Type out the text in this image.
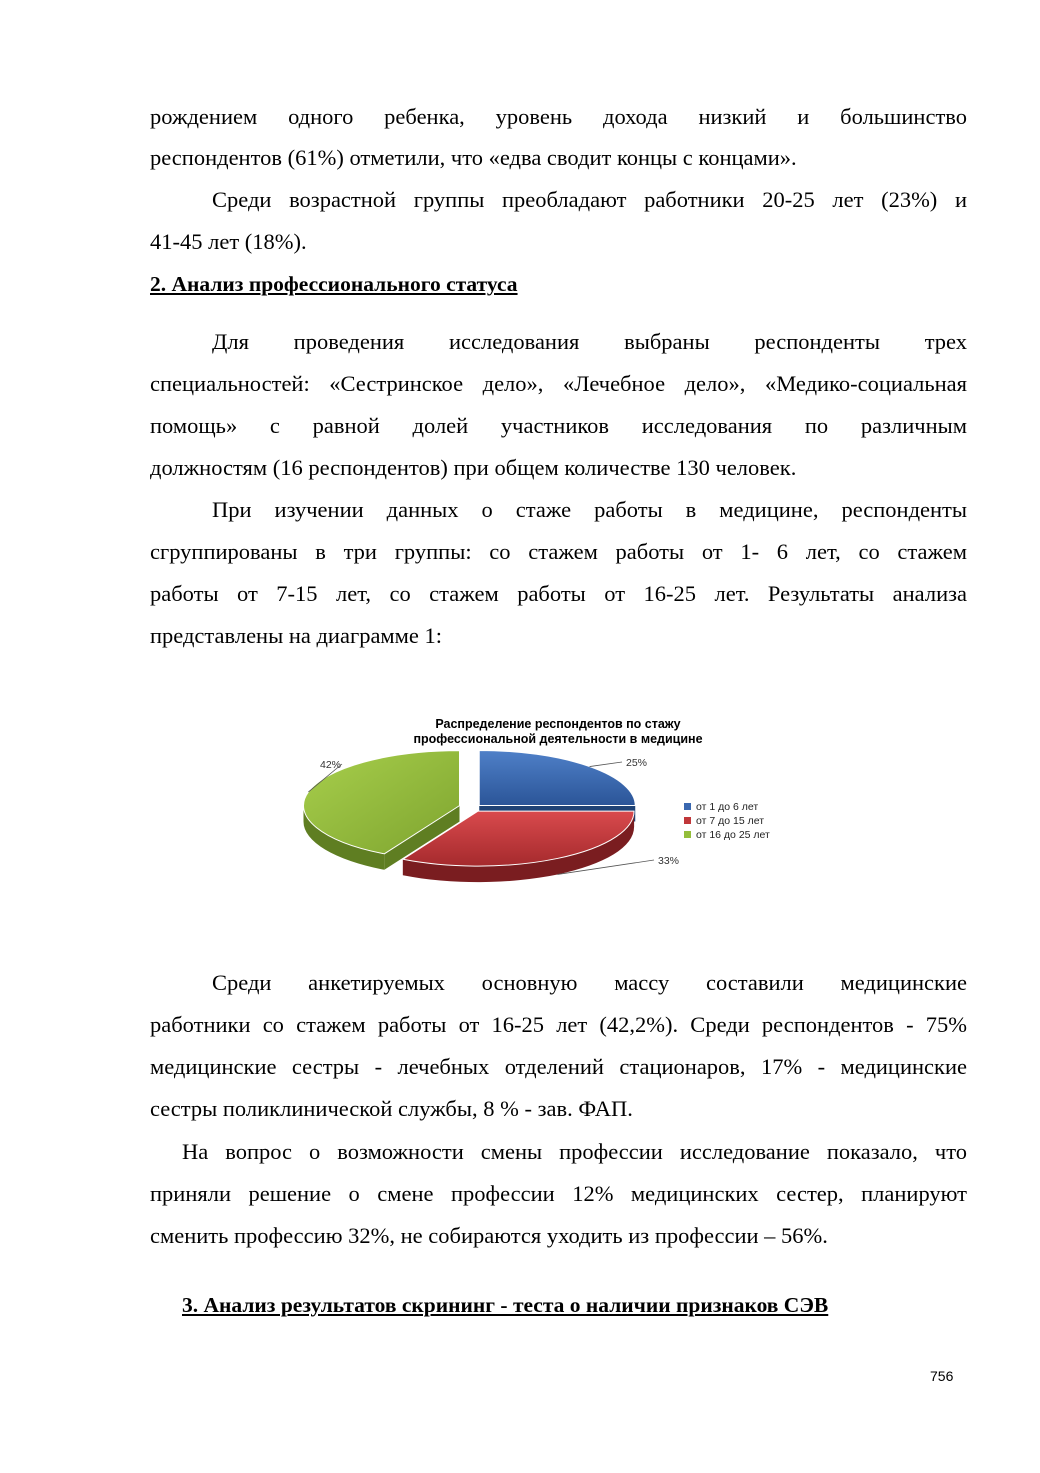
рождением одного ребенка, уровень дохода низкий и большинство
респондентов (61%) отметили, что «едва сводит концы с концами».
Среди возрастной группы преобладают работники 20-25 лет (23%) и
41-45 лет (18%).
2. Анализ профессионального статуса
Для проведения исследования выбраны респонденты трех
специальностей: «Сестринское дело», «Лечебное дело», «Медико-социальная
помощь» с равной долей участников исследования по различным
должностям (16 респондентов) при общем количестве 130 человек.
При изучении данных о стаже работы в медицине, респонденты
сгруппированы в три группы: со стажем работы от 1- 6 лет, со стажем
работы от 7-15 лет, со стажем работы от 16-25 лет. Результаты анализа
представлены на диаграмме 1:
Распределение респондентов по стажу
профессиональной деятельности в медицине
25%
33%
42%
от 1 до 6 лет
от 7 до 15 лет
от 16 до 25 лет
Среди анкетируемых основную массу составили медицинские
работники со стажем работы от 16-25 лет (42,2%). Среди респондентов - 75%
медицинские сестры - лечебных отделений стационаров, 17% - медицинские
сестры поликлинической службы, 8 % - зав. ФАП.
На вопрос о возможности смены профессии исследование показало, что
приняли решение о смене профессии 12% медицинских сестер, планируют
сменить профессию 32%, не собираются уходить из профессии – 56%.
3. Анализ результатов скрининг - теста о наличии признаков СЭВ
756
